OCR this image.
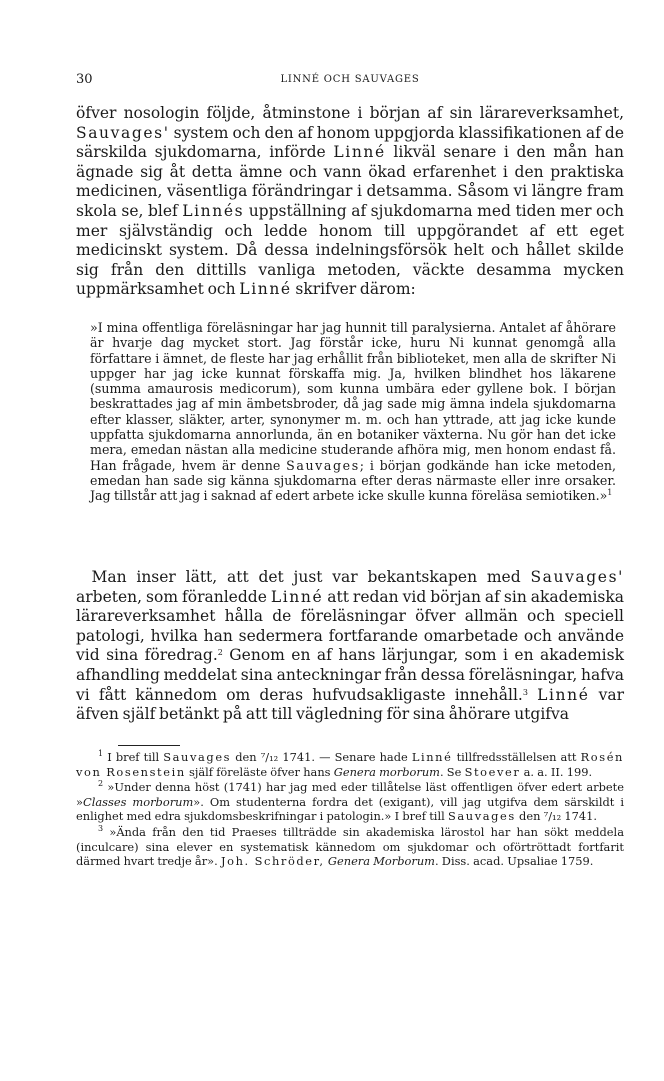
30	LINNÉ OCH SAUVAGES

öfver nosologin följde, åtminstone i början af sin lärareverksamhet, Sauvages' system och den af honom uppgjorda klassifikationen af de särskilda sjukdomarna, införde Linné likväl senare i den mån han ägnade sig åt detta ämne och vann ökad erfarenhet i den praktiska medicinen, väsentliga förändringar i detsamma. Såsom vi längre fram skola se, blef Linnés uppställning af sjukdomarna med tiden mer och mer självständig och ledde honom till uppgörandet af ett eget medicinskt system. Då dessa indelningsförsök helt och hållet skilde sig från den dittills vanliga metoden, väckte desamma mycken uppmärksamhet och Linné skrifver därom:

»I mina offentliga föreläsningar har jag hunnit till paralysierna. Antalet af åhörare är hvarje dag mycket stort. Jag förstår icke, huru Ni kunnat genomgå alla författare i ämnet, de fleste har jag erhållit från biblioteket, men alla de skrifter Ni uppger har jag icke kunnat förskaffa mig. Ja, hvilken blindhet hos läkarene (summa amaurosis medicorum), som kunna umbära eder gyllene bok. I början beskrattades jag af min ämbetsbroder, då jag sade mig ämna indela sjukdomarna efter klasser, släkter, arter, synonymer m. m. och han yttrade, att jag icke kunde uppfatta sjukdomarna annorlunda, än en botaniker växterna. Nu gör han det icke mera, emedan nästan alla medicine studerande afhöra mig, men honom endast få. Han frågade, hvem är denne Sauvages; i början godkände han icke metoden, emedan han sade sig känna sjukdomarna efter deras närmaste eller inre orsaker. Jag tillstår att jag i saknad af edert arbete icke skulle kunna föreläsa semiotiken.»$^1$

 Man inser lätt, att det just var bekantskapen med Sauvages' arbeten, som föranledde Linné att redan vid början af sin akademiska lärareverksamhet hålla de föreläsningar öfver allmän och speciell patologi, hvilka han sedermera fortfarande omarbetade och använde vid sina föredrag.$^2$ Genom en af hans lärjungar, som i en akademisk afhandling meddelat sina anteckningar från dessa föreläsningar, hafva vi fått kännedom om deras hufvudsakligaste innehåll.$^3$ Linné var äfven själf betänkt på att till vägledning för sina åhörare utgifva

$^1$ I bref till Sauvages den ⁷/₁₂ 1741. — Senare hade Linné tillfredsställelsen att Rosén von Rosenstein själf föreläste öfver hans Genera morborum. Se Stoever a. a. II. 199.

$^2$ »Under denna höst (1741) har jag med eder tillåtelse läst offentligen öfver edert arbete »Classes morborum». Om studenterna fordra det (exigant), vill jag utgifva dem särskildt i enlighet med edra sjukdomsbeskrifningar i patologin.» I bref till Sauvages den ⁷/₁₂ 1741.

$^3$ »Ända från den tid Praeses tillträdde sin akademiska lärostol har han sökt meddela (inculcare) sina elever en systematisk kännedom om sjukdomar och oförtröttadt fortfarit därmed hvart tredje år». Joh. Schröder, Genera Morborum. Diss. acad. Upsaliae 1759.
